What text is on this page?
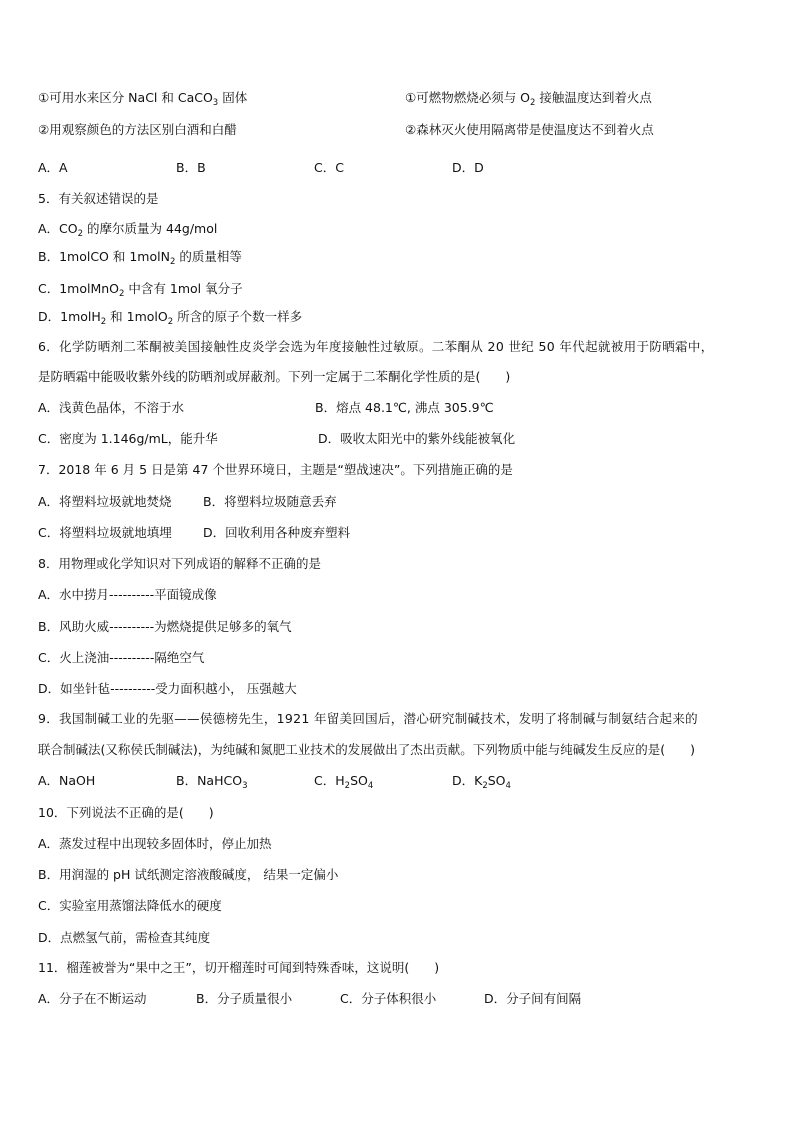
①可用水来区分 NaCl 和 CaCO$_3$ 固体	①可燃物燃烧必须与 $O_2$ 接触温度达到着火点
②用观察颜色的方法区别白酒和白醋	②森林灭火使用隔离带是使温度达不到着火点
A．A	B．B	C．C	D．D
5．有关叙述错误的是
A．$CO_2$ 的摩尔质量为 44g/mol
B．1molCO 和 1molN$_2$ 的质量相等
C．1molMnO$_2$ 中含有 1mol 氧分子
D．1molH$_2$ 和 1molO$_2$ 所含的原子个数一样多
6．化学防晒剂二苯酮被美国接触性皮炎学会选为年度接触性过敏原。二苯酮从 20 世纪 50 年代起就被用于防晒霜中，
是防晒霜中能吸收紫外线的防晒剂或屏蔽剂。下列一定属于二苯酮化学性质的是(　　)
A．浅黄色晶体，不溶于水	B．熔点 48.1℃, 沸点 305.9℃
C．密度为 1.146g/mL，能升华	D．吸收太阳光中的紫外线能被氧化
7．2018 年 6 月 5 日是第 47 个世界环境日，主题是“塑战速决”。下列措施正确的是
A．将塑料垃圾就地焚烧	B．将塑料垃圾随意丢弃
C．将塑料垃圾就地填埋	D．回收利用各种废弃塑料
8．用物理或化学知识对下列成语的解释不正确的是
A．水中捞月----------平面镜成像
B．风助火威----------为燃烧提供足够多的氧气
C．火上浇油----------隔绝空气
D．如坐针毡----------受力面积越小， 压强越大
9．我国制碱工业的先驱——侯德榜先生，1921 年留美回国后，潜心研究制碱技术，发明了将制碱与制氨结合起来的
联合制碱法(又称侯氏制碱法)，为纯碱和氮肥工业技术的发展做出了杰出贡献。下列物质中能与纯碱发生反应的是(　　)
A．NaOH	B．NaHCO$_3$	C．$H_2SO_4$	D．$K_2SO_4$
10．下列说法不正确的是(　　)
A．蒸发过程中出现较多固体时，停止加热
B．用润湿的 pH 试纸测定溶液酸碱度， 结果一定偏小
C．实验室用蒸馏法降低水的硬度
D．点燃氢气前，需检查其纯度
11．榴莲被誉为“果中之王”，切开榴莲时可闻到特殊香味，这说明(　　)
A．分子在不断运动	B．分子质量很小	C．分子体积很小	D．分子间有间隔
